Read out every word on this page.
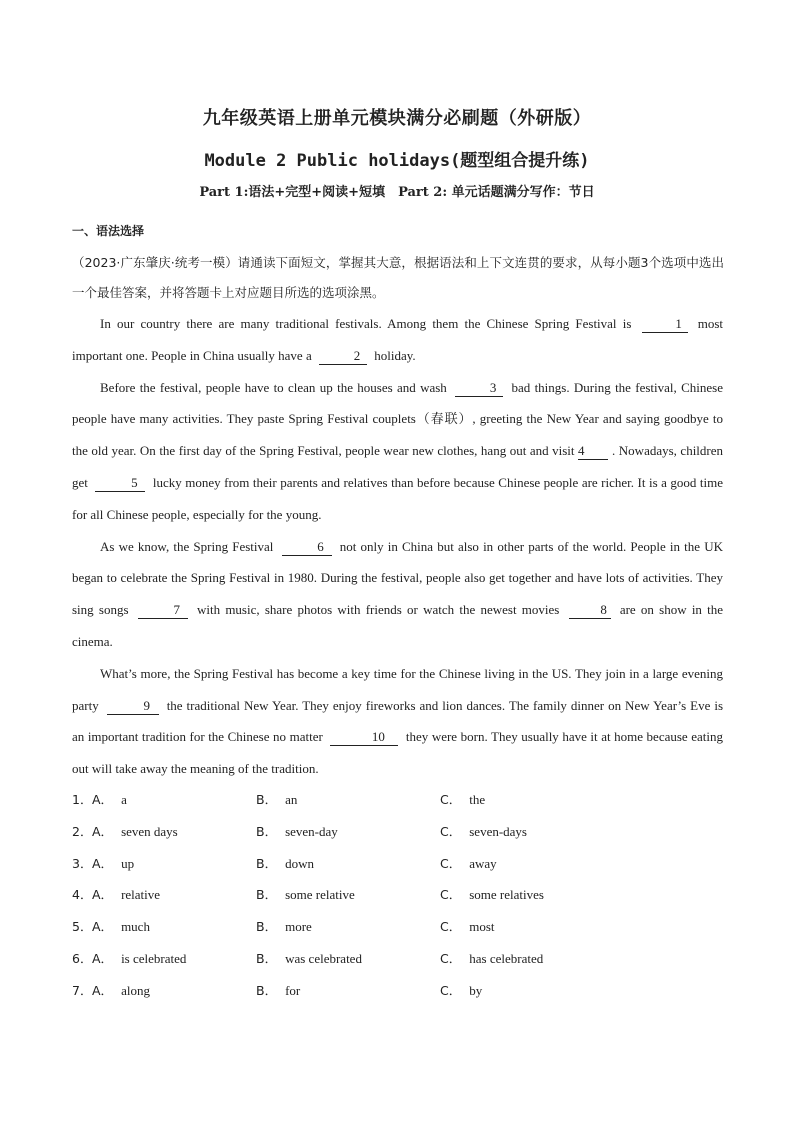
九年级英语上册单元模块满分必刷题（外研版）
Module 2 Public holidays(题型组合提升练)
Part 1:语法+完型+阅读+短填　Part 2: 单元话题满分写作：节日
一、语法选择
（2023·广东肇庆·统考一模）请通读下面短文，掌握其大意，根据语法和上下文连贯的要求，从每小题3个选项中选出一个最佳答案，并将答题卡上对应题目所选的选项涂黑。

In our country there are many traditional festivals. Among them the Chinese Spring Festival is	1 most important one. People in China usually have a	2 holiday.

Before the festival, people have to clean up the houses and wash	3 bad things. During the festival, Chinese people have many activities. They paste Spring Festival couplets（春联）, greeting the New Year and saying goodbye to the old year. On the first day of the Spring Festival, people wear new clothes, hang out and visit 4 . Nowadays, children get	5 lucky money from their parents and relatives than before because Chinese people are richer. It is a good time for all Chinese people, especially for the young.

As we know, the Spring Festival	6 not only in China but also in other parts of the world. People in the UK began to celebrate the Spring Festival in 1980. During the festival, people also get together and have lots of activities. They sing songs	7 with music, share photos with friends or watch the newest movies	8 are on show in the cinema.

What’s more, the Spring Festival has become a key time for the Chinese living in the US. They join in a large evening party	9 the traditional New Year. They enjoy fireworks and lion dances. The family dinner on New Year’s Eve is an important tradition for the Chinese no matter	10 they were born. They usually have it at home because eating out will take away the meaning of the tradition.

1． A． a	B． an	C． the
2． A． seven days	B． seven-day	C． seven-days
3． A． up	B． down	C． away
4． A． relative	B． some relative	C． some relatives
5． A． much	B． more	C． most
6． A． is celebrated	B． was celebrated	C． has celebrated
7． A． along	B． for	C． by
